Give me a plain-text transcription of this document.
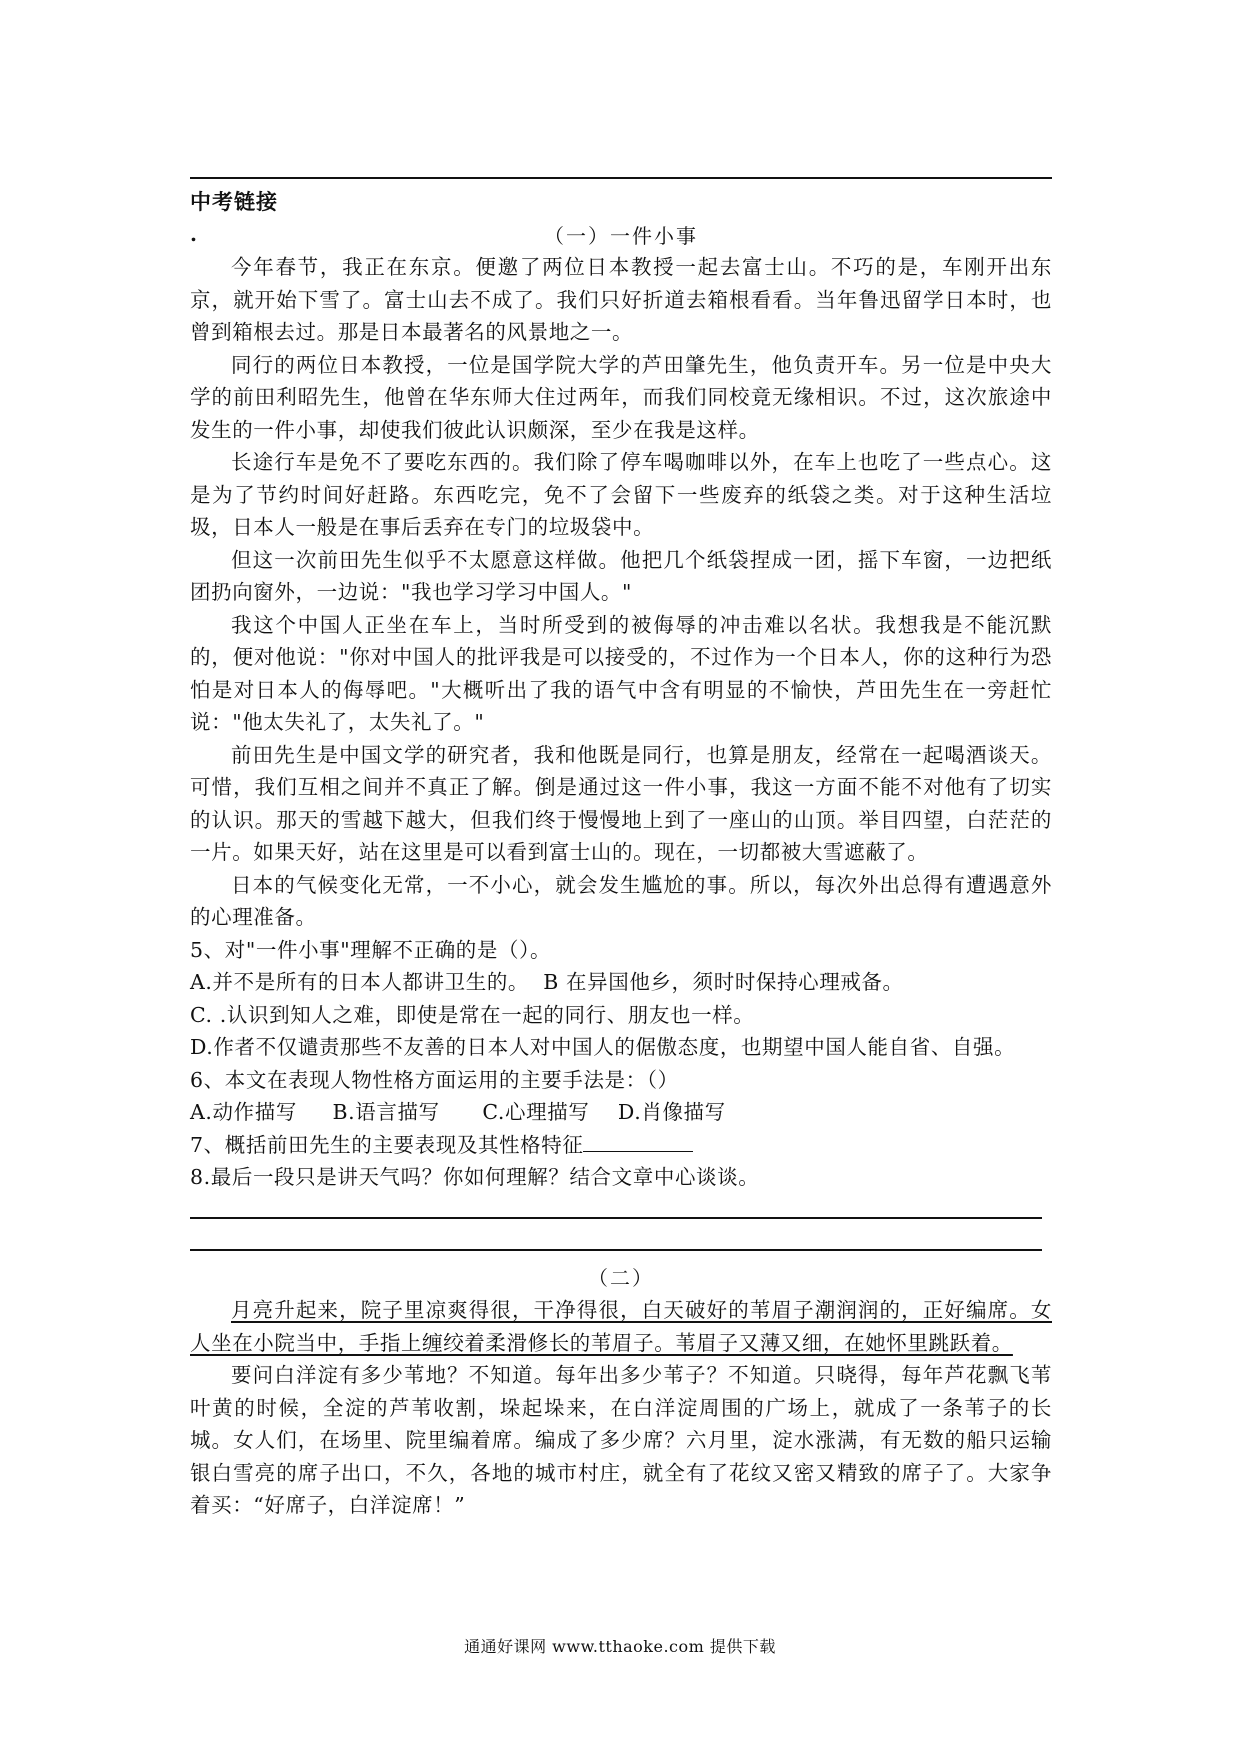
中考链接
.	（一）一件小事

今年春节，我正在东京。便邀了两位日本教授一起去富士山。不巧的是，车刚开出东京，就开始下雪了。富士山去不成了。我们只好折道去箱根看看。当年鲁迅留学日本时，也曾到箱根去过。那是日本最著名的风景地之一。

同行的两位日本教授，一位是国学院大学的芦田肇先生，他负责开车。另一位是中央大学的前田利昭先生，他曾在华东师大住过两年，而我们同校竟无缘相识。不过，这次旅途中发生的一件小事，却使我们彼此认识颇深，至少在我是这样。

长途行车是免不了要吃东西的。我们除了停车喝咖啡以外，在车上也吃了一些点心。这是为了节约时间好赶路。东西吃完，免不了会留下一些废弃的纸袋之类。对于这种生活垃圾，日本人一般是在事后丢弃在专门的垃圾袋中。

但这一次前田先生似乎不太愿意这样做。他把几个纸袋捏成一团，摇下车窗，一边把纸团扔向窗外，一边说："我也学习学习中国人。"

我这个中国人正坐在车上，当时所受到的被侮辱的冲击难以名状。我想我是不能沉默的，便对他说："你对中国人的批评我是可以接受的，不过作为一个日本人，你的这种行为恐怕是对日本人的侮辱吧。"大概听出了我的语气中含有明显的不愉快，芦田先生在一旁赶忙说："他太失礼了，太失礼了。"

前田先生是中国文学的研究者，我和他既是同行，也算是朋友，经常在一起喝酒谈天。可惜，我们互相之间并不真正了解。倒是通过这一件小事，我这一方面不能不对他有了切实的认识。那天的雪越下越大，但我们终于慢慢地上到了一座山的山顶。举目四望，白茫茫的一片。如果天好，站在这里是可以看到富士山的。现在，一切都被大雪遮蔽了。

日本的气候变化无常，一不小心，就会发生尴尬的事。所以，每次外出总得有遭遇意外的心理准备。

5、对"一件小事"理解不正确的是（）。
A.并不是所有的日本人都讲卫生的。  B 在异国他乡，须时时保持心理戒备。
C. .认识到知人之难，即使是常在一起的同行、朋友也一样。
D.作者不仅谴责那些不友善的日本人对中国人的倨傲态度，也期望中国人能自省、自强。
6、本文在表现人物性格方面运用的主要手法是：（）
A.动作描写     B.语言描写      C.心理描写    D.肖像描写
7、概括前田先生的主要表现及其性格特征
8.最后一段只是讲天气吗？你如何理解？结合文章中心谈谈。
（二）

月亮升起来，院子里凉爽得很，干净得很，白天破好的苇眉子潮润润的，正好编席。女人坐在小院当中，手指上缠绞着柔滑修长的苇眉子。苇眉子又薄又细，在她怀里跳跃着。

要问白洋淀有多少苇地？不知道。每年出多少苇子？不知道。只晓得，每年芦花飘飞苇叶黄的时候，全淀的芦苇收割，垛起垛来，在白洋淀周围的广场上，就成了一条苇子的长城。女人们，在场里、院里编着席。编成了多少席？六月里，淀水涨满，有无数的船只运输银白雪亮的席子出口，不久，各地的城市村庄，就全有了花纹又密又精致的席子了。大家争着买：“好席子，白洋淀席！”

通通好课网 www.tthaoke.com 提供下载
